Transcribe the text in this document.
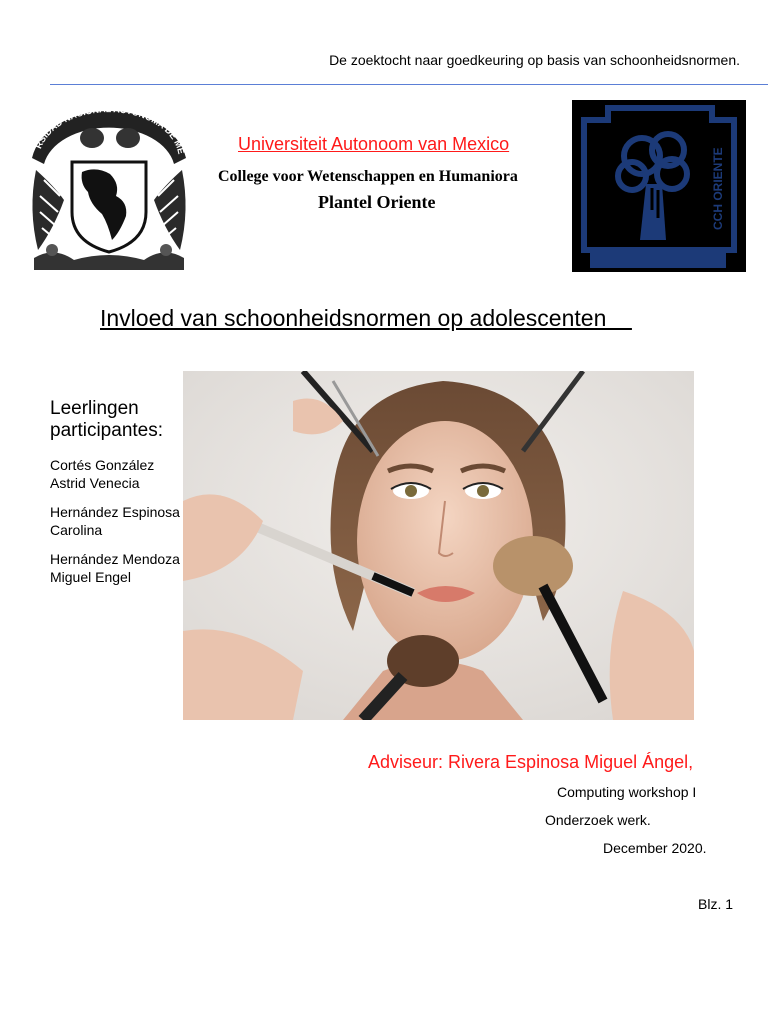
De zoektocht naar goedkeuring op basis van schoonheidsnormen.
RSIDAD NACIONAL AUTONOMA DE ME	Universiteit Autonoom van Mexico
College voor Wetenschappen en Humaniora
Plantel Oriente	CCH ORIENTE
Invloed van schoonheidsnormen op adolescenten
Leerlingen participantes:
Cortés González Astrid Venecia
Hernández Espinosa Carolina
Hernández Mendoza Miguel Engel
Adviseur: Rivera Espinosa Miguel Ángel,
Computing workshop I
Onderzoek werk.
December 2020.
Blz. 1
